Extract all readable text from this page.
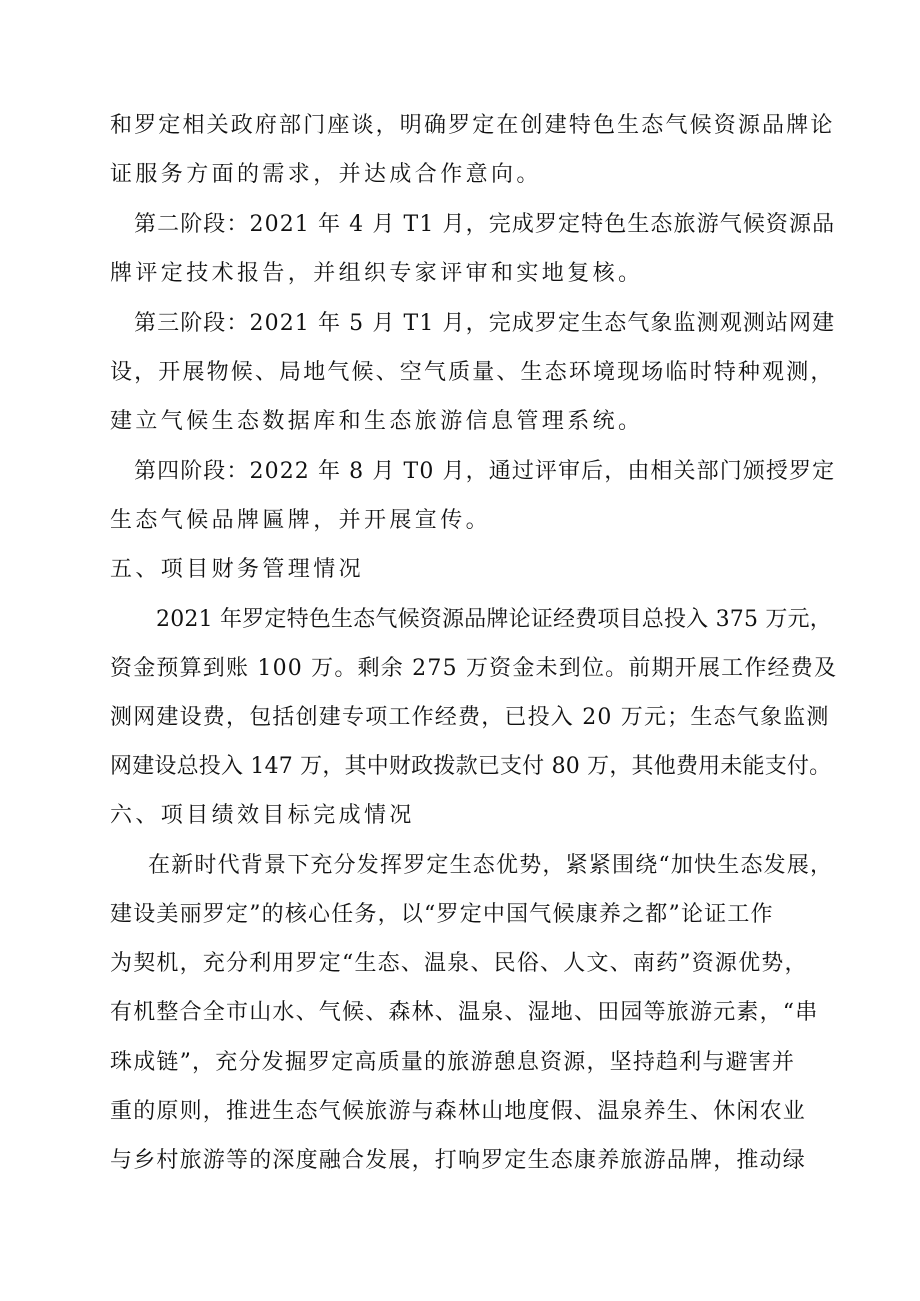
和罗定相关政府部门座谈，明确罗定在创建特色生态气候资源品牌论
证服务方面的需求，并达成合作意向。
第二阶段：2021 年 4 月 T1 月，完成罗定特色生态旅游气候资源品
牌评定技术报告，并组织专家评审和实地复核。
第三阶段：2021 年 5 月 T1 月，完成罗定生态气象监测观测站网建
设，开展物候、局地气候、空气质量、生态环境现场临时特种观测，
建立气候生态数据库和生态旅游信息管理系统。
第四阶段：2022 年 8 月 T0 月，通过评审后，由相关部门颁授罗定
生态气候品牌匾牌，并开展宣传。
五、项目财务管理情况
2021 年罗定特色生态气候资源品牌论证经费项目总投入 375 万元，
资金预算到账 100 万。剩余 275 万资金未到位。前期开展工作经费及
测网建设费，包括创建专项工作经费，已投入 20 万元；生态气象监测
网建设总投入 147 万，其中财政拨款已支付 80 万，其他费用未能支付。
六、项目绩效目标完成情况
在新时代背景下充分发挥罗定生态优势，紧紧围绕“加快生态发展，
建设美丽罗定”的核心任务，以“罗定中国气候康养之都”论证工作
为契机，充分利用罗定“生态、温泉、民俗、人文、南药”资源优势，
有机整合全市山水、气候、森林、温泉、湿地、田园等旅游元素，“串
珠成链”，充分发掘罗定高质量的旅游憩息资源，坚持趋利与避害并
重的原则，推进生态气候旅游与森林山地度假、温泉养生、休闲农业
与乡村旅游等的深度融合发展，打响罗定生态康养旅游品牌，推动绿
